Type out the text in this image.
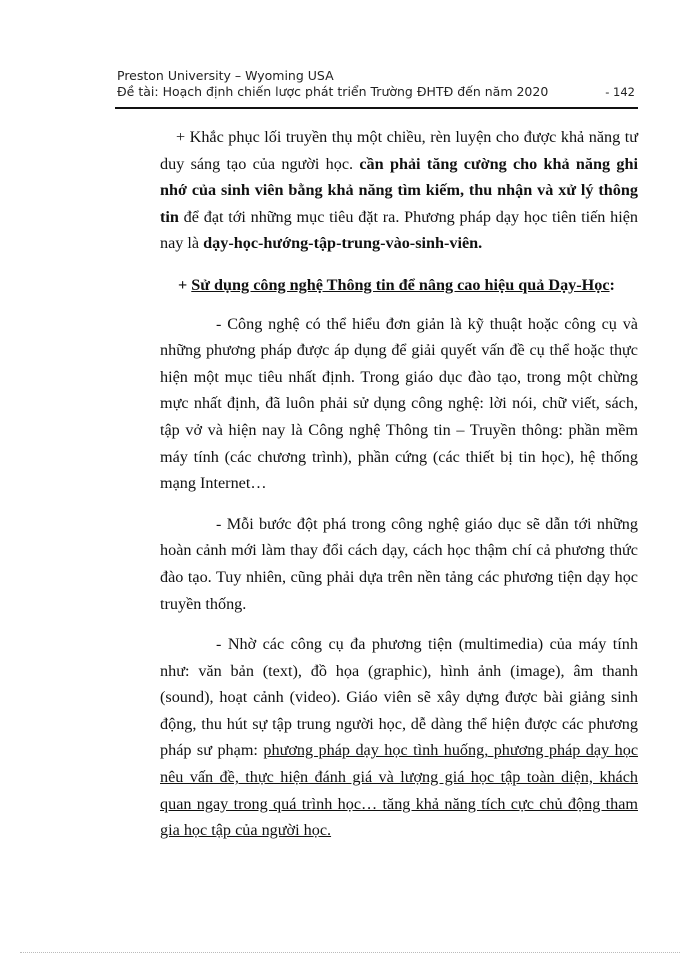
Preston University – Wyoming USA
Đề tài: Hoạch định chiến lược phát triển Trường ĐHTĐ đến năm 2020	- 142

+ Khắc phục lối truyền thụ một chiều, rèn luyện cho được khả năng tư duy sáng tạo của người học. cần phải tăng cường cho khả năng ghi nhớ của sinh viên bằng khả năng tìm kiếm, thu nhận và xử lý thông tin để đạt tới những mục tiêu đặt ra. Phương pháp dạy học tiên tiến hiện nay là dạy-học-hướng-tập-trung-vào-sinh-viên.

+ Sử dụng công nghệ Thông tin để nâng cao hiệu quả Dạy-Học:

- Công nghệ có thể hiểu đơn giản là kỹ thuật hoặc công cụ và những phương pháp được áp dụng để giải quyết vấn đề cụ thể hoặc thực hiện một mục tiêu nhất định. Trong giáo dục đào tạo, trong một chừng mực nhất định, đã luôn phải sử dụng công nghệ: lời nói, chữ viết, sách, tập vở và hiện nay là Công nghệ Thông tin – Truyền thông: phần mềm máy tính (các chương trình), phần cứng (các thiết bị tin học), hệ thống mạng Internet…

- Mỗi bước đột phá trong công nghệ giáo dục sẽ dẫn tới những hoàn cảnh mới làm thay đổi cách dạy, cách học thậm chí cả phương thức đào tạo. Tuy nhiên, cũng phải dựa trên nền tảng các phương tiện dạy học truyền thống.

- Nhờ các công cụ đa phương tiện (multimedia) của máy tính như: văn bản (text), đồ họa (graphic), hình ảnh (image), âm thanh (sound), hoạt cảnh (video). Giáo viên sẽ xây dựng được bài giảng sinh động, thu hút sự tập trung người học, dễ dàng thể hiện được các phương pháp sư phạm: phương pháp dạy học tình huống, phương pháp dạy học nêu vấn đề, thực hiện đánh giá và lượng giá học tập toàn diện, khách quan ngay trong quá trình học… tăng khả năng tích cực chủ động tham gia học tập của người học.
